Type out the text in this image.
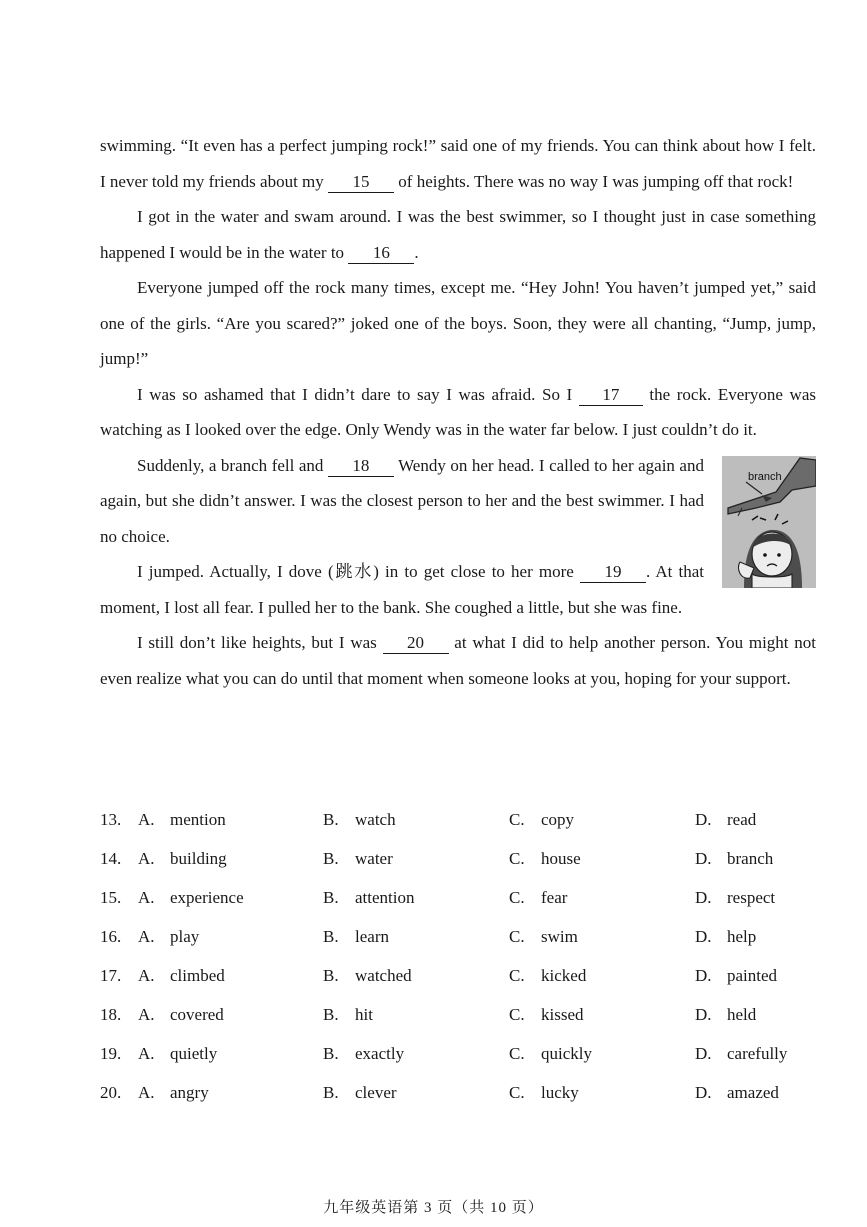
swimming. “It even has a perfect jumping rock!” said one of my friends. You can think about how I felt. I never told my friends about my 15 of heights. There was no way I was jumping off that rock!

I got in the water and swam around. I was the best swimmer, so I thought just in case something happened I would be in the water to 16 .

Everyone jumped off the rock many times, except me. “Hey John! You haven’t jumped yet,” said one of the girls. “Are you scared?” joked one of the boys. Soon, they were all chanting, “Jump, jump, jump!”

I was so ashamed that I didn’t dare to say I was afraid. So I 17 the rock. Everyone was watching as I looked over the edge. Only Wendy was in the water far below. I just couldn’t do it.

branch
Suddenly, a branch fell and 18 Wendy on her head. I called to her again and again, but she didn’t answer. I was the closest person to her and the best swimmer. I had no choice.

I jumped. Actually, I dove (跳水) in to get close to her more 19 . At that moment, I lost all fear. I pulled her to the bank. She coughed a little, but she was fine.

I still don’t like heights, but I was 20 at what I did to help another person. You might not even realize what you can do until that moment when someone looks at you, hoping for your support.

13. A. mention	B. watch	C. copy	D. read
14. A. building	B. water	C. house	D. branch
15. A. experience	B. attention	C. fear	D. respect
16. A. play	B. learn	C. swim	D. help
17. A. climbed	B. watched	C. kicked	D. painted
18. A. covered	B. hit	C. kissed	D. held
19. A. quietly	B. exactly	C. quickly	D. carefully
20. A. angry	B. clever	C. lucky	D. amazed
九年级英语第 3 页（共 10 页）
